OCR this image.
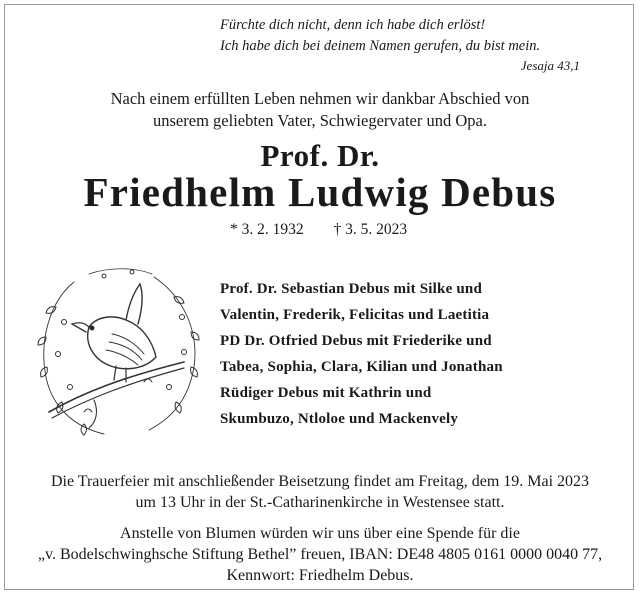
Fürchte dich nicht, denn ich habe dich erlöst!
Ich habe dich bei deinem Namen gerufen, du bist mein.
Jesaja 43,1
Nach einem erfüllten Leben nehmen wir dankbar Abschied von
unserem geliebten Vater, Schwiegervater und Opa.
Prof. Dr.
Friedhelm Ludwig Debus
* 3. 2. 1932 † 3. 5. 2023
Prof. Dr. Sebastian Debus mit Silke und
Valentin, Frederik, Felicitas und Laetitia
PD Dr. Otfried Debus mit Friederike und
Tabea, Sophia, Clara, Kilian und Jonathan
Rüdiger Debus mit Kathrin und
Skumbuzo, Ntloloe und Mackenvely
Die Trauerfeier mit anschließender Beisetzung findet am Freitag, dem 19. Mai 2023
um 13 Uhr in der St.-Catharinenkirche in Westensee statt.
Anstelle von Blumen würden wir uns über eine Spende für die
„v. Bodelschwinghsche Stiftung Bethel” freuen, IBAN: DE48 4805 0161 0000 0040 77,
Kennwort: Friedhelm Debus.
